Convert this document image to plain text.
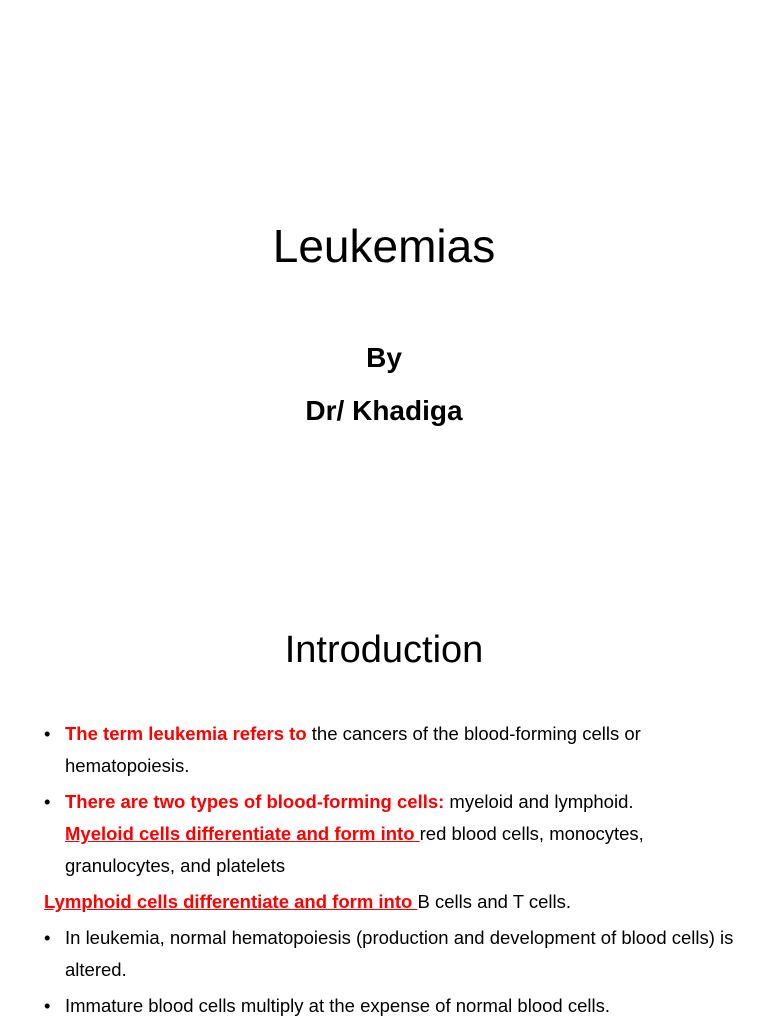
Leukemias
By
Dr/ Khadiga
Introduction
• The term leukemia refers to the cancers of the blood-forming cells or hematopoiesis.
• There are two types of blood-forming cells: myeloid and lymphoid.
Myeloid cells differentiate and form into red blood cells, monocytes, granulocytes, and platelets
Lymphoid cells differentiate and form into B cells and T cells.
• In leukemia, normal hematopoiesis (production and development of blood cells) is altered.
• Immature blood cells multiply at the expense of normal blood cells.
